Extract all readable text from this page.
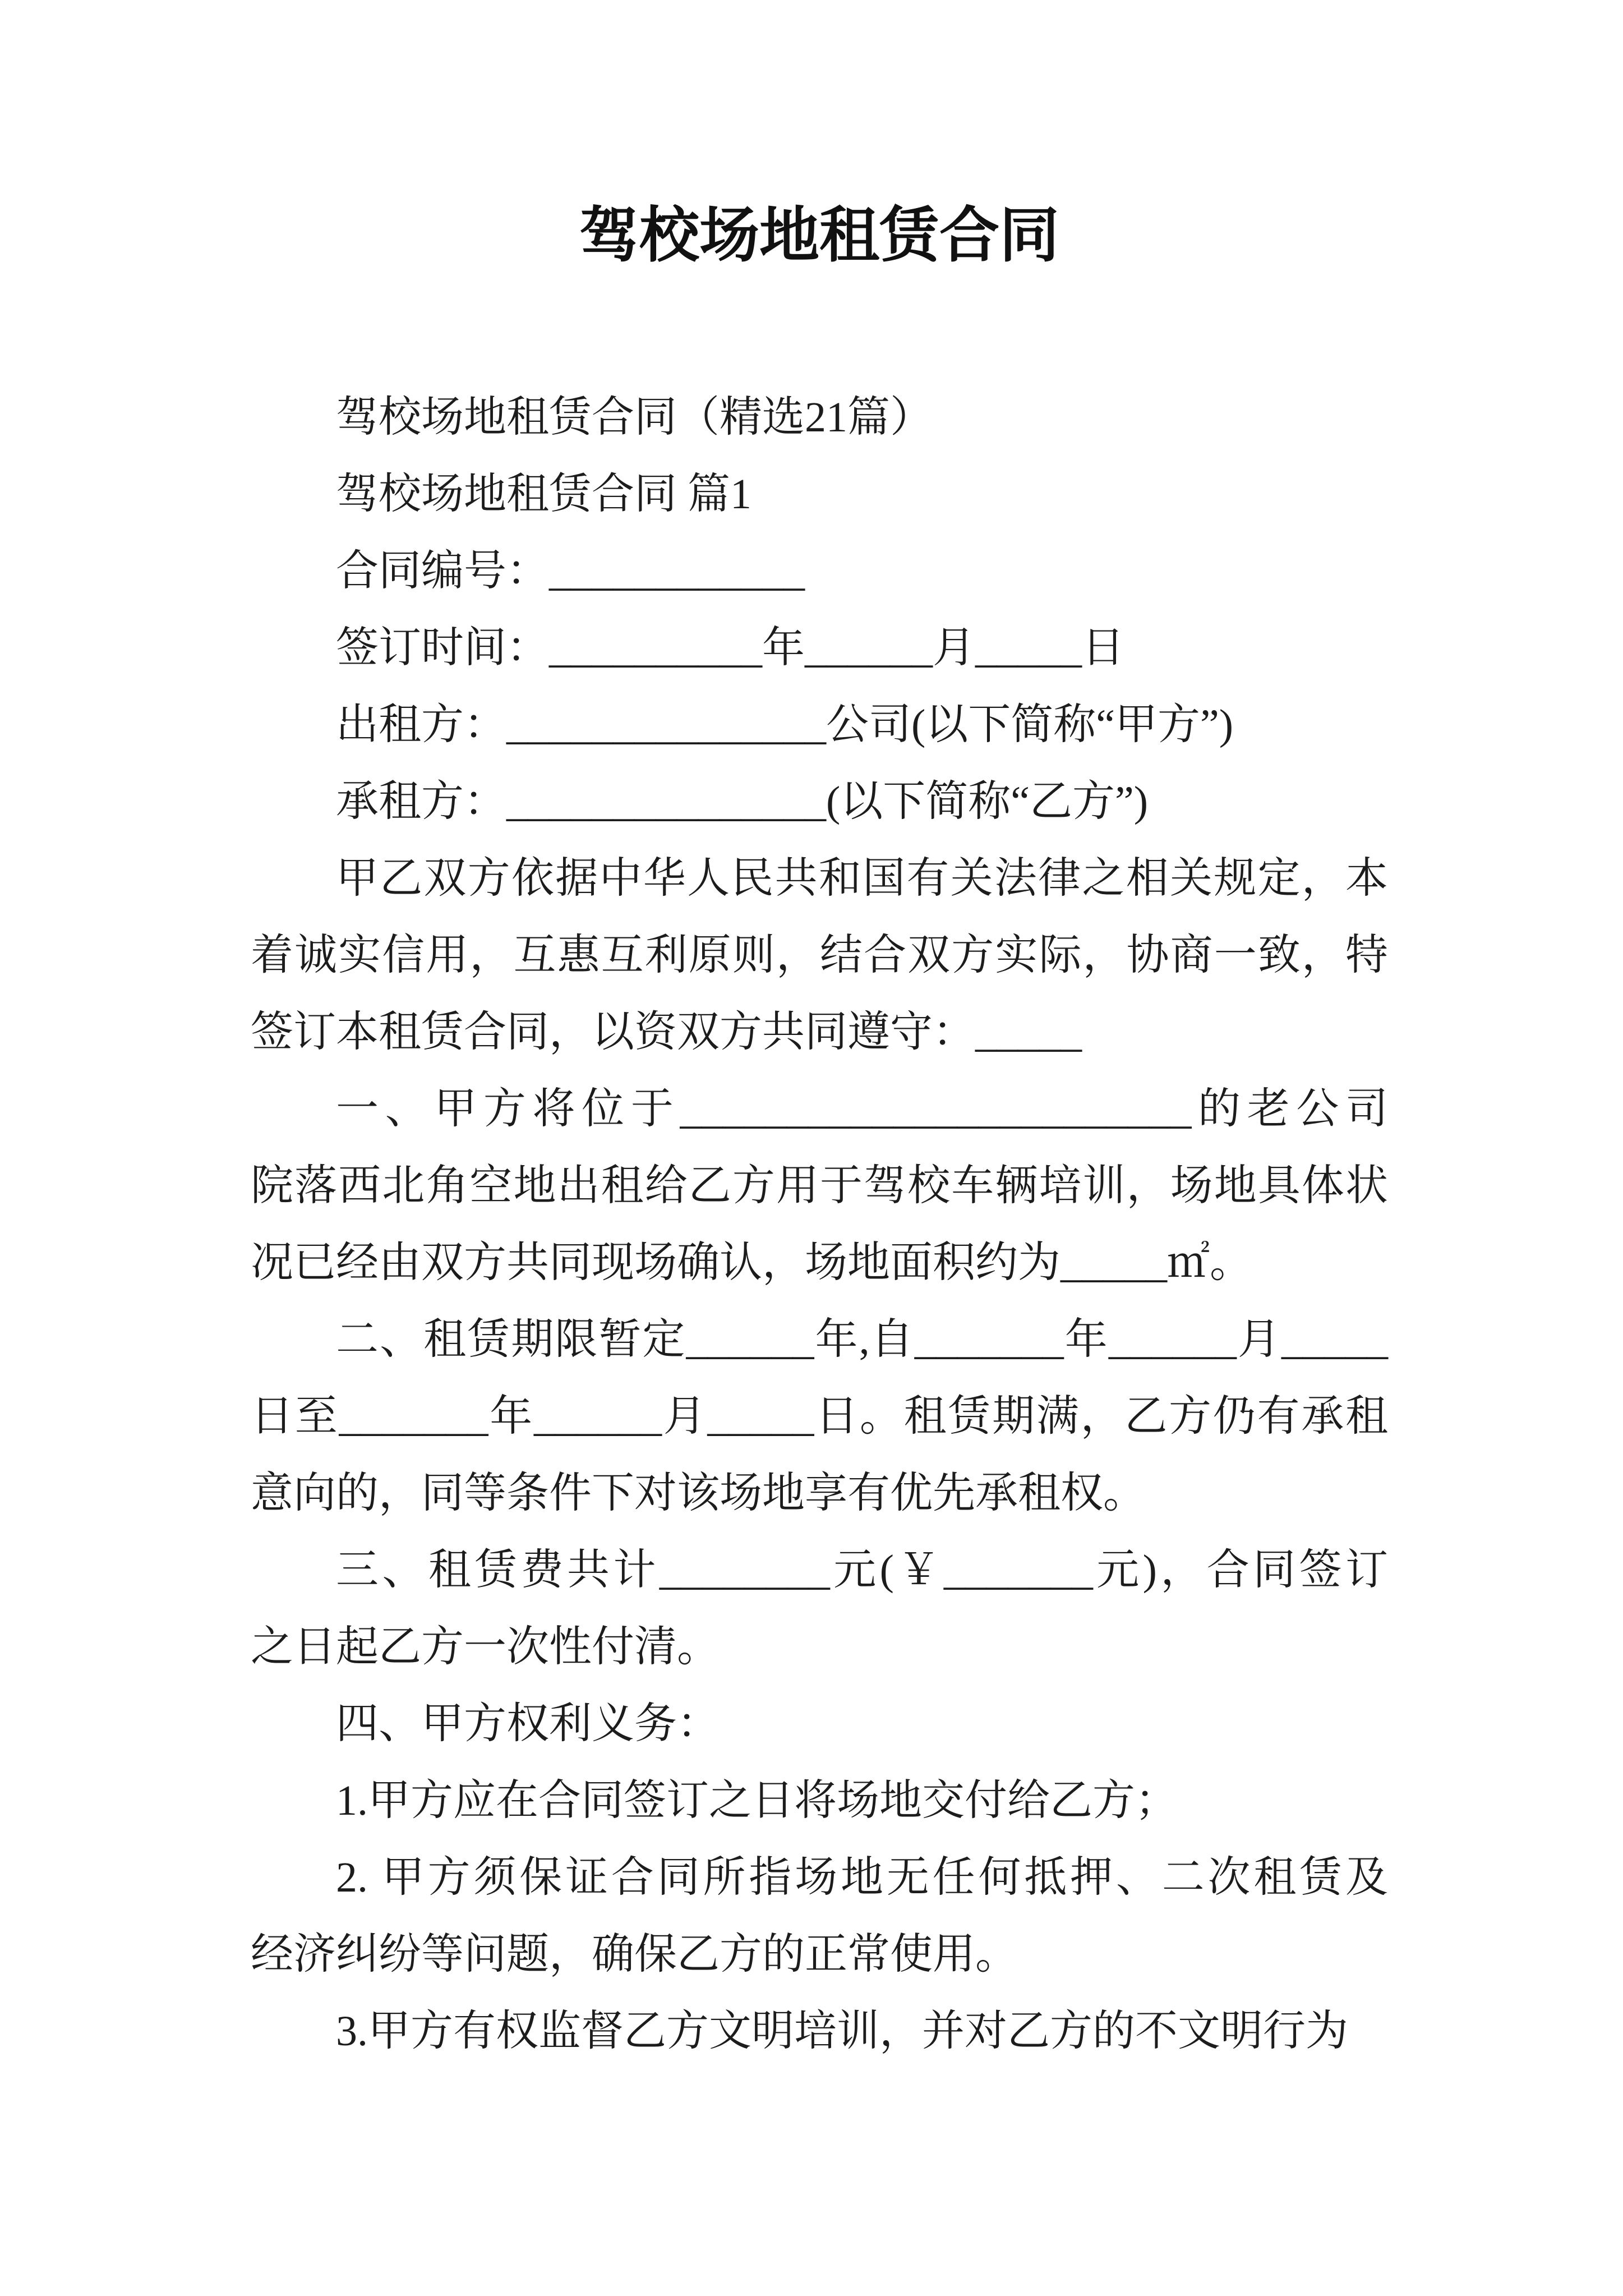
驾校场地租赁合同
驾校场地租赁合同（精选21篇）
驾校场地租赁合同 篇1
合同编号：____________
签订时间：__________年______月_____日
出租方：_______________公司(以下简称“甲方”)
承租方：_______________(以下简称“乙方”)
甲乙双方依据中华人民共和国有关法律之相关规定，本
着诚实信用，互惠互利原则，结合双方实际，协商一致，特
签订本租赁合同，以资双方共同遵守：_____
一、甲方将位于________________________的老公司
院落西北角空地出租给乙方用于驾校车辆培训，场地具体状
况已经由双方共同现场确认，场地面积约为_____㎡。
二、租赁期限暂定______年,自_______年______月_____
日至_______年______月_____日。租赁期满，乙方仍有承租
意向的，同等条件下对该场地享有优先承租权。
三、租赁费共计________元(￥_______元)，合同签订
之日起乙方一次性付清。
四、甲方权利义务：
1.甲方应在合同签订之日将场地交付给乙方；
2. 甲方须保证合同所指场地无任何抵押、二次租赁及
经济纠纷等问题，确保乙方的正常使用。
3.甲方有权监督乙方文明培训，并对乙方的不文明行为
